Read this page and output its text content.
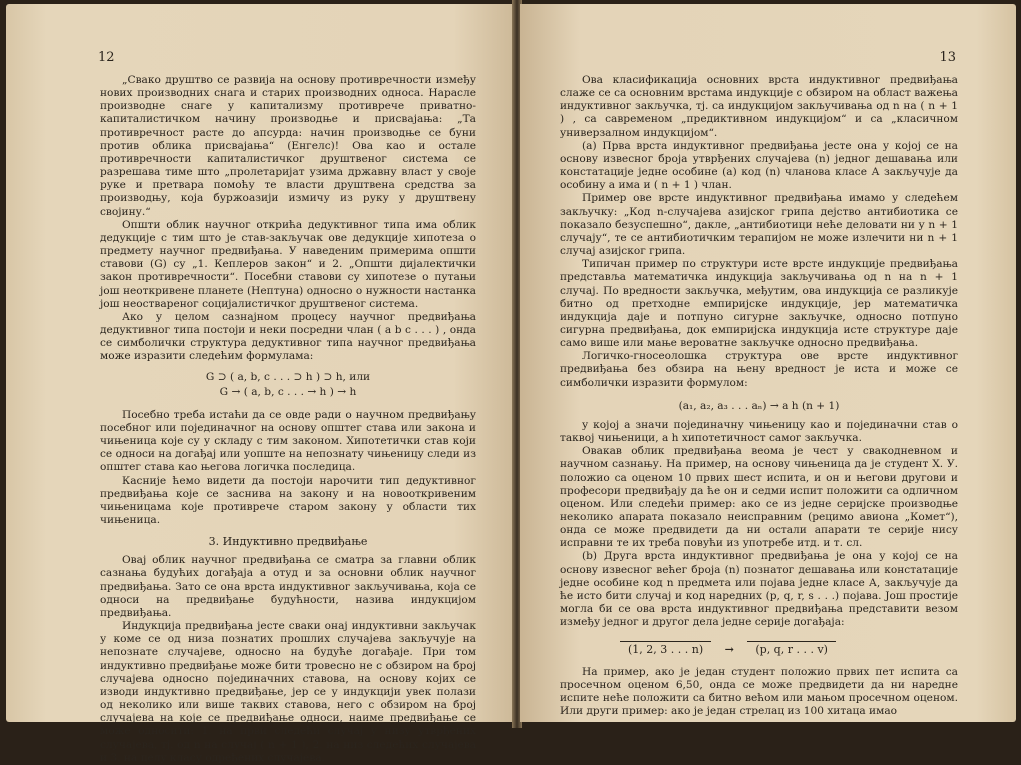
12

„Свако друштво се развија на основу противречности између нових производних снага и старих производних односа. Нарасле производне снаге у капитализму противрече приватно-капиталистичком начину производње и присвајања: „Та противречност расте до апсурда: начин производње се буни против облика присвајања“ (Енгелс)! Ова као и остале противречности капиталистичког друштвеног система се разрешава тиме што „пролетаријат узима државну власт у своје руке и претвара помоћу те власти друштвена средства за производњу, која буржоазији измичу из руку у друштвену својину.“

Општи облик научног открића дедуктивног типа има облик дедукције с тим што је став-закључак ове дедукције хипотеза о предмету научног предвиђања. У наведеним примерима општи ставови (G) су „1. Кеплеров закон“ и 2. „Општи дијалектички закон противречности“. Посебни ставови су хипотезе о путањи још неоткривене планете (Нептуна) односно о нужности настанка још неоствареног социјалистичког друштвеног система.

Ако у целом сазнајном процесу научног предвиђања дедуктивног типа постоји и неки посредни члан ( a b c . . . ) , онда се симболички структура дедуктивног типа научног предвиђања може изразити следећим формулама:

G ⊃ ( a, b, c . . . ⊃ h ) ⊃ h, или
G → ( a, b, c . . . → h ) → h

Посебно треба истаћи да се овде ради о научном предвиђању посебног или појединачног на основу општег става или закона и чињеница које су у складу с тим законом. Хипотетички став који се односи на догађај или уопште на непознату чињеницу следи из општег става као његова логичка последица.

Касније ћемо видети да постоји нарочити тип дедуктивног предвиђања које се заснива на закону и на новооткривеним чињеницама које противрече старом закону у области тих чињеница.

3. Индуктивно предвиђање

Овај облик научног предвиђања се сматра за главни облик сазнања будућих догађаја а отуд и за основни облик научног предвиђања. Зато се она врста индуктивног закључивања, која се односи на предвиђање будућности, назива индукцијом предвиђања.

Индукција предвиђања јесте сваки онај индуктивни закључак у коме се од низа познатих прошлих случајева закључује на непознате случајеве, односно на будуће догађаје. При том индуктивно предвиђање може бити тровесно не с обзиром на број случајева односно појединачних ставова, на основу којих се изводи индуктивно предвиђање, јер се у индукцији увек полази од неколико или више таквих ставова, него с обзиром на број случајева на које се предвиђање односи, наиме предвиђање се може односити: 1. на први следећи случај у низу утврђених случајева, тј. од n на случај ( n + 1 ), 2. на низ следећих случајева и 3. на целу класу одређених случајева.

13

Ова класификација основних врста индуктивног предвиђања слаже се са основним врстама индукције с обзиром на област важења индуктивног закључка, тј. са индукцијом закључивања од n на ( n + 1 ) , са савременом „предиктивном индукцијом“ и са „класичном универзалном индукцијом“.

(а) Прва врста индуктивног предвиђања јесте она у којој се на основу извесног броја утврђених случајева (n) једног дешавања или констатације једне особине (а) код (n) чланова класе А закључује да особину а има и ( n + 1 ) члан.

Пример ове врсте индуктивног предвиђања имамо у следећем закључку: „Код n-случајева азијског грипа дејство антибиотика се показало безуспешно“, дакле, „антибиотици неће деловати ни у n + 1 случају“, те се антибиотичким терапијом не може излечити ни n + 1 случај азијског грипа.

Типичан пример по структури исте врсте индукције предвиђања представља математичка индукција закључивања од n на n + 1 случај. По вредности закључка, међутим, ова индукција се разликује битно од претходне емпиријске индукције, јер математичка индукција даје и потпуно сигурне закључке, односно потпуно сигурна предвиђања, док емпиријска индукција исте структуре даје само више или мање вероватне закључке односно предвиђања.

Логичко-гносеолошка структура ове врсте индуктивног предвиђања без обзира на њену вредност је иста и може се симболички изразити формулом:

(a₁, a₂, a₃ . . . aₙ) → a h (n + 1)

у којој a значи појединачну чињеницу као и појединачни став о таквој чињеници, а h хипотетичност самог закључка.

Овакав облик предвиђања веома је чест у свакодневном и научном сазнању. На пример, на основу чињеница да је студент Х. У. положио са оценом 10 првих шест испита, и он и његови другови и професори предвиђају да ће он и седми испит положити са одличном оценом. Или следећи пример: ако се из једне серијске производње неколико апарата показало неисправним (рецимо авиона „Комет“), онда се може предвидети да ни остали апарати те серије нису исправни те их треба повући из употребе итд. и т. сл.

(b) Друга врста индуктивног предвиђања је она у којој се на основу извесног већег броја (n) познатог дешавања или констатације једне особине код n предмета или појава једне класе А, закључује да ће исто бити случај и код наредних (p, q, r, s . . .) појава. Још простије могла би се ова врста индуктивног предвиђања представити везом између једног и другог дела једне серије догађаја:

(1, 2, 3 . . . n) → (p, q, r . . . v)

На пример, ако је један студент положио првих пет испита са просечном оценом 6,50, онда се може предвидети да ни наредне испите неће положити са битно већом или мањом просечном оценом. Или други пример: ако је један стрелац из 100 хитаца имао
